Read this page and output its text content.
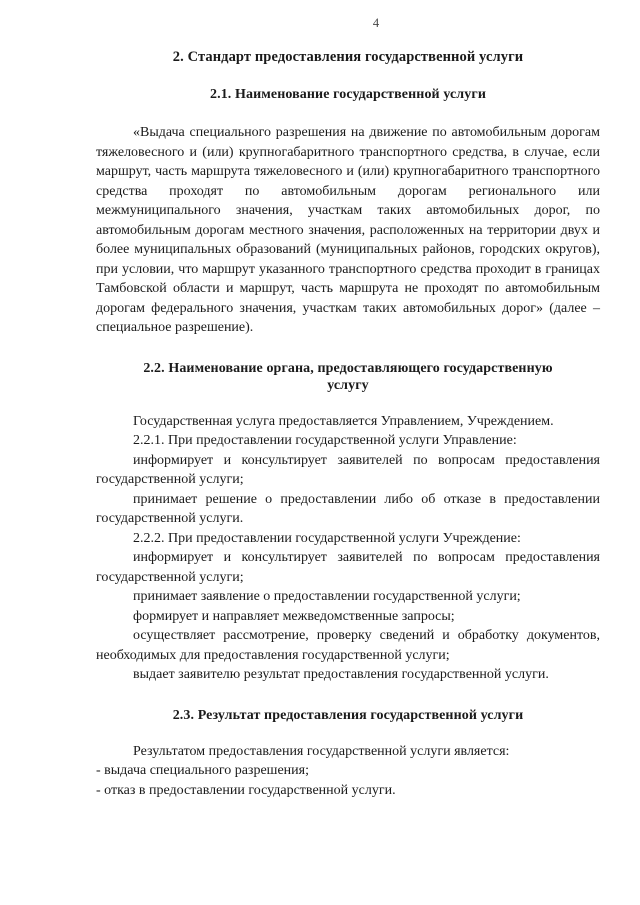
4
2. Стандарт предоставления государственной услуги
2.1. Наименование государственной услуги

«Выдача специального разрешения на движение по автомобильным дорогам тяжеловесного и (или) крупногабаритного транспортного средства, в случае, если маршрут, часть маршрута тяжеловесного и (или) крупногабаритного транспортного средства проходят по автомобильным дорогам регионального или межмуниципального значения, участкам таких автомобильных дорог, по автомобильным дорогам местного значения, расположенных на территории двух и более муниципальных образований (муниципальных районов, городских округов), при условии, что маршрут указанного транспортного средства проходит в границах Тамбовской области и маршрут, часть маршрута не проходят по автомобильным дорогам федерального значения, участкам таких автомобильных дорог» (далее – специальное разрешение).

2.2. Наименование органа, предоставляющего государственную услугу

Государственная услуга предоставляется Управлением, Учреждением.

2.2.1. При предоставлении государственной услуги Управление:

информирует и консультирует заявителей по вопросам предоставления государственной услуги;

принимает решение о предоставлении либо об отказе в предоставлении государственной услуги.

2.2.2. При предоставлении государственной услуги Учреждение:

информирует и консультирует заявителей по вопросам предоставления государственной услуги;

принимает заявление о предоставлении государственной услуги;

формирует и направляет межведомственные запросы;

осуществляет рассмотрение, проверку сведений и обработку документов, необходимых для предоставления государственной услуги;

выдает заявителю результат предоставления государственной услуги.

2.3. Результат предоставления государственной услуги

Результатом предоставления государственной услуги является:

- выдача специального разрешения;

- отказ в предоставлении государственной услуги.
